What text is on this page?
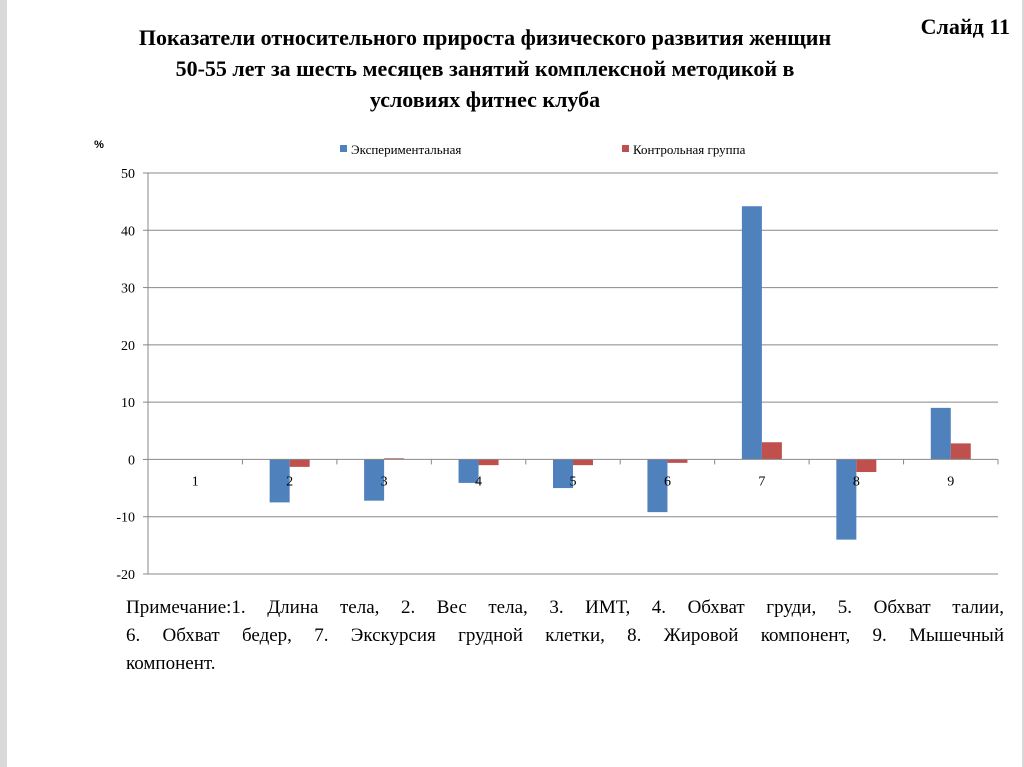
Слайд 11
Показатели относительного прироста физического развития женщин
50-55 лет за шесть месяцев занятий комплексной методикой в
условиях фитнес клуба
50
40
30
20
10
0
-10
-20
%
1	2	3	4	5	6	7	8	9
Экспериментальная	Контрольная группа
Примечание:1. Длина тела, 2. Вес тела, 3. ИМТ, 4. Обхват груди, 5. Обхват талии,
6. Обхват бедер, 7. Экскурсия грудной клетки, 8. Жировой компонент, 9. Мышечный
компонент.
